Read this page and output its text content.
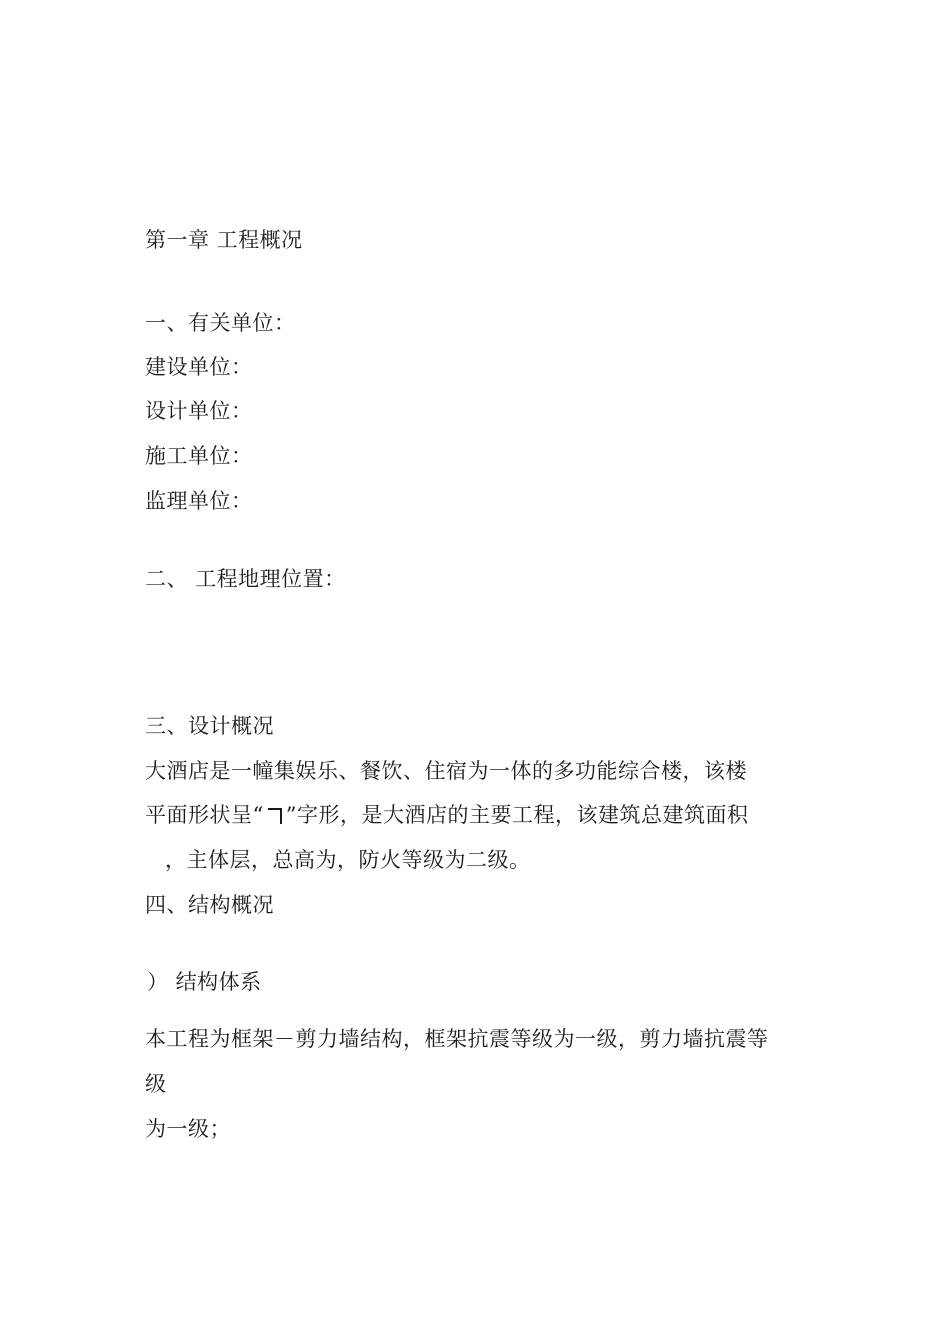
第一章 工程概况
一、有关单位：
建设单位：
设计单位：
施工单位：
监理单位：
二、 工程地理位置：
三、设计概况
大酒店是一幢集娱乐、餐饮、住宿为一体的多功能综合楼，该楼
平面形状呈“ ”字形，是大酒店的主要工程，该建筑总建筑面积
，主体层，总高为，防火等级为二级。
四、结构概况
） 结构体系
本工程为框架－剪力墙结构，框架抗震等级为一级，剪力墙抗震等
级
为一级；
